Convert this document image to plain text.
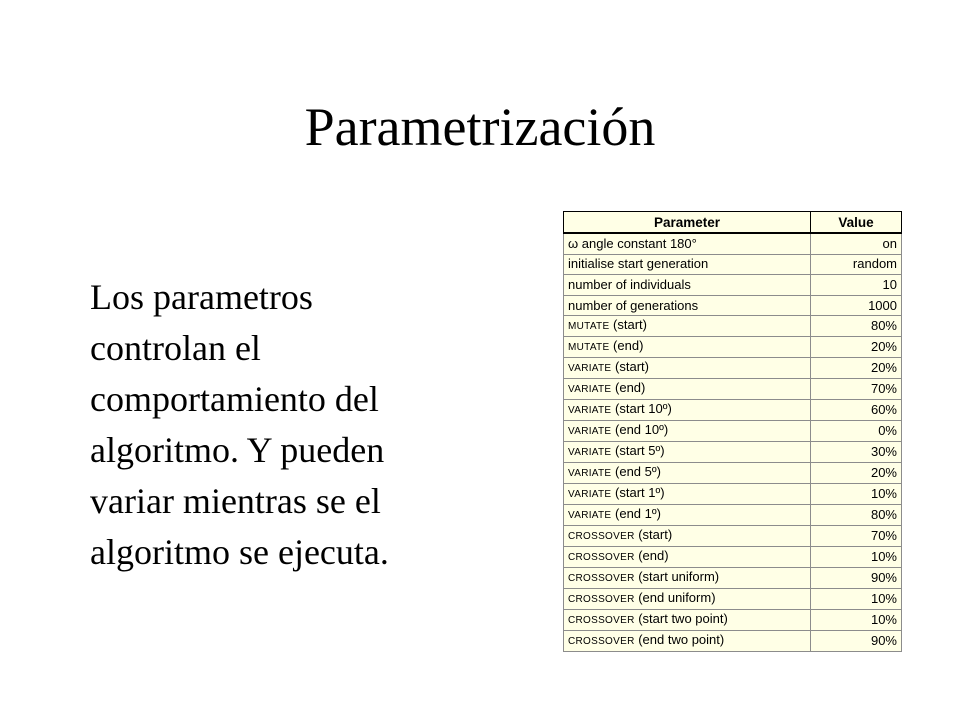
Parametrización
Los parametros
controlan el
comportamiento del
algoritmo. Y pueden
variar mientras se el
algoritmo se ejecuta.
Parameter	Value
ω angle constant 180°	on
initialise start generation	random
number of individuals	10
number of generations	1000
MUTATE (start)	80%
MUTATE (end)	20%
VARIATE (start)	20%
VARIATE (end)	70%
VARIATE (start 10º)	60%
VARIATE (end 10º)	0%
VARIATE (start 5º)	30%
VARIATE (end 5º)	20%
VARIATE (start 1º)	10%
VARIATE (end 1º)	80%
CROSSOVER (start)	70%
CROSSOVER (end)	10%
CROSSOVER (start uniform)	90%
CROSSOVER (end uniform)	10%
CROSSOVER (start two point)	10%
CROSSOVER (end two point)	90%
